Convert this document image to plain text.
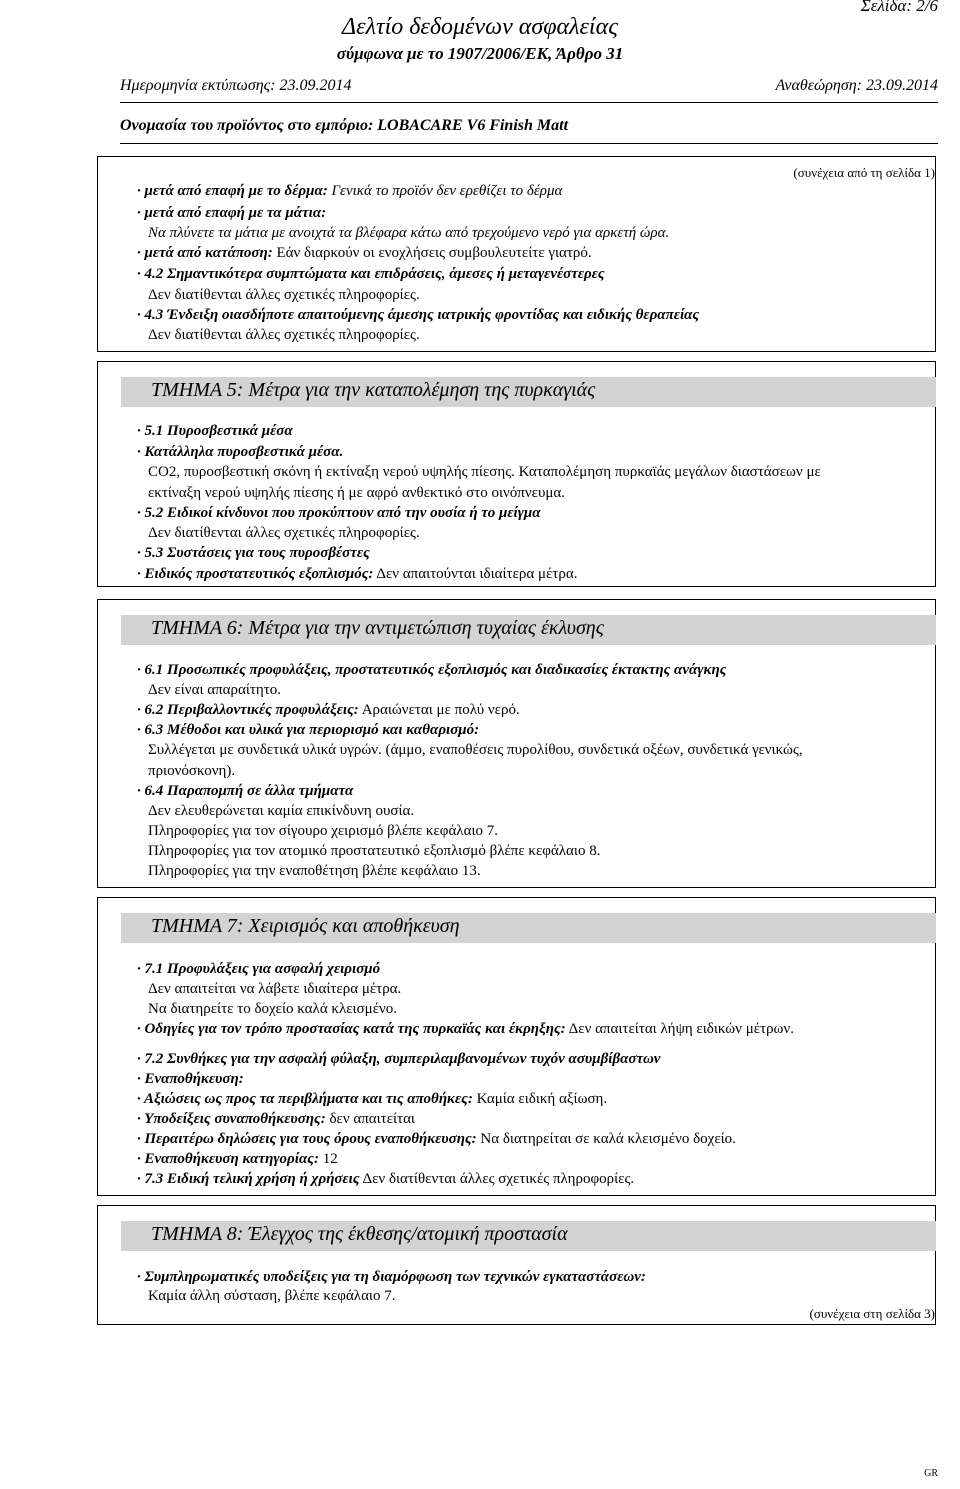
Σελίδα: 2/6
Δελτίο δεδομένων ασφαλείας
σύμφωνα με το 1907/2006/ΕΚ, Άρθρο 31
Ημερομηνία εκτύπωσης: 23.09.2014	Αναθεώρηση: 23.09.2014
Ονομασία του προϊόντος στο εμπόριο: LOBACARE V6 Finish Matt
(συνέχεια από τη σελίδα 1)
· μετά από επαφή με το δέρμα: Γενικά το προϊόν δεν ερεθίζει το δέρμα
· μετά από επαφή με τα μάτια:
Να πλύνετε τα μάτια με ανοιχτά τα βλέφαρα κάτω από τρεχούμενο νερό για αρκετή ώρα.
· μετά από κατάποση: Εάν διαρκούν οι ενοχλήσεις συμβουλευτείτε γιατρό.
· 4.2 Σημαντικότερα συμπτώματα και επιδράσεις, άμεσες ή μεταγενέστερες
Δεν διατίθενται άλλες σχετικές πληροφορίες.
· 4.3 Ένδειξη οιασδήποτε απαιτούμενης άμεσης ιατρικής φροντίδας και ειδικής θεραπείας
Δεν διατίθενται άλλες σχετικές πληροφορίες.
ΤΜΗΜΑ 5: Μέτρα για την καταπολέμηση της πυρκαγιάς
· 5.1 Πυροσβεστικά μέσα
· Κατάλληλα πυροσβεστικά μέσα.
CO2, πυροσβεστική σκόνη ή εκτίναξη νερού υψηλής πίεσης. Καταπολέμηση πυρκαϊάς μεγάλων διαστάσεων με
εκτίναξη νερού υψηλής πίεσης ή με αφρό ανθεκτικό στο οινόπνευμα.
· 5.2 Ειδικοί κίνδυνοι που προκύπτουν από την ουσία ή το μείγμα
Δεν διατίθενται άλλες σχετικές πληροφορίες.
· 5.3 Συστάσεις για τους πυροσβέστες
· Ειδικός προστατευτικός εξοπλισμός: Δεν απαιτούνται ιδιαίτερα μέτρα.
ΤΜΗΜΑ 6: Μέτρα για την αντιμετώπιση τυχαίας έκλυσης
· 6.1 Προσωπικές προφυλάξεις, προστατευτικός εξοπλισμός και διαδικασίες έκτακτης ανάγκης
Δεν είναι απαραίτητο.
· 6.2 Περιβαλλοντικές προφυλάξεις: Αραιώνεται με πολύ νερό.
· 6.3 Μέθοδοι και υλικά για περιορισμό και καθαρισμό:
Συλλέγεται με συνδετικά υλικά υγρών. (άμμο, εναποθέσεις πυρολίθου, συνδετικά οξέων, συνδετικά γενικώς,
πριονόσκονη).
· 6.4 Παραπομπή σε άλλα τμήματα
Δεν ελευθερώνεται καμία επικίνδυνη ουσία.
Πληροφορίες για τον σίγουρο χειρισμό βλέπε κεφάλαιο 7.
Πληροφορίες για τον ατομικό προστατευτικό εξοπλισμό βλέπε κεφάλαιο 8.
Πληροφορίες για την εναποθέτηση βλέπε κεφάλαιο 13.
ΤΜΗΜΑ 7: Χειρισμός και αποθήκευση
· 7.1 Προφυλάξεις για ασφαλή χειρισμό
Δεν απαιτείται να λάβετε ιδιαίτερα μέτρα.
Να διατηρείτε το δοχείο καλά κλεισμένο.
· Οδηγίες για τον τρόπο προστασίας κατά της πυρκαϊάς και έκρηξης: Δεν απαιτείται λήψη ειδικών μέτρων.
· 7.2 Συνθήκες για την ασφαλή φύλαξη, συμπεριλαμβανομένων τυχόν ασυμβίβαστων
· Εναποθήκευση:
· Αξιώσεις ως προς τα περιβλήματα και τις αποθήκες: Καμία ειδική αξίωση.
· Υποδείξεις συναποθήκευσης: δεν απαιτείται
· Περαιτέρω δηλώσεις για τους όρους εναποθήκευσης: Να διατηρείται σε καλά κλεισμένο δοχείο.
· Εναποθήκευση κατηγορίας: 12
· 7.3 Ειδική τελική χρήση ή χρήσεις Δεν διατίθενται άλλες σχετικές πληροφορίες.
(συνέχεια στη σελίδα 3)
ΤΜΗΜΑ 8: Έλεγχος της έκθεσης/ατομική προστασία
· Συμπληρωματικές υποδείξεις για τη διαμόρφωση των τεχνικών εγκαταστάσεων:
Καμία άλλη σύσταση, βλέπε κεφάλαιο 7.
GR
